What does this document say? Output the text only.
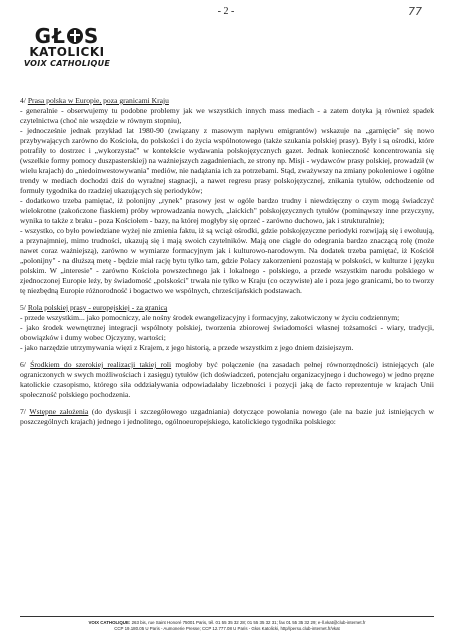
- 2 -	77
GŁ S
KATOLICKI
VOIX CATHOLIQUE

4/ Prasa polska w Europie, poza granicami Kraju

- generalnie - obserwujemy tu podobne problemy jak we wszystkich innych mass mediach - a zatem dotyka ją również spadek czytelnictwa (choć nie wszędzie w równym stopniu),

- jednocześnie jednak przykład lat 1980-90 (związany z masowym napływu emigrantów) wskazuje na „garnięcie" się nowo przybywających zarówno do Kościoła, do polskości i do życia wspólnotowego (także szukania polskiej prasy). Były i są ośrodki, które potrafiły to dostrzec i „wykorzystać" w kontekście wydawania polskojęzycznych gazet. Jednak konieczność koncentrowania się (wszelkie formy pomocy duszpasterskiej) na ważniejszych zagadnieniach, ze strony np. Misji - wydawców prasy polskiej, prowadził (w wielu krajach) do „niedoinwestowywania" mediów, nie nadążania ich za potrzebami. Stąd, zważywszy na zmiany pokoleniowe i ogólne trendy w mediach dochodzi dziś do wyraźnej stagnacji, a nawet regresu prasy polskojęzycznej, znikania tytułów, odchodzenie od formuły tygodnika do rzadziej ukazujących się periodyków;

- dodatkowo trzeba pamiętać, iż polonijny „rynek" prasowy jest w ogóle bardzo trudny i niewdzięczny o czym mogą świadczyć wielokrotne (zakończone fiaskiem) próby wprowadzania nowych, „laickich" polskojęzycznych tytułów (pominąwszy inne przyczyny, wynika to także z braku - poza Kościołem - bazy, na której mogłyby się oprzeć - zarówno duchowo, jak i strukturalnie);

- wszystko, co było powiedziane wyżej nie zmienia faktu, iż są wciąż ośrodki, gdzie polskojęzyczne periodyki rozwijają się i ewoluują, a przynajmniej, mimo trudności, ukazują się i mają swoich czytelników. Mają one ciągle do odegrania bardzo znaczącą rolę (może nawet coraz ważniejszą), zarówno w wymiarze formacyjnym jak i kulturowo-narodowym. Na dodatek trzeba pamiętać, iż Kościół „polonijny" - na dłuższą metę - będzie miał rację bytu tylko tam, gdzie Polacy zakorzenieni pozostają w polskości, w kulturze i języku polskim. W „interesie" - zarówno Kościoła powszechnego jak i lokalnego - polskiego, a przede wszystkim narodu polskiego w zjednoczonej Europie leży, by świadomość „polskości" trwała nie tylko w Kraju (co oczywiste) ale i poza jego granicami, bo to tworzy tę niezbędną Europie różnorodność i bogactwo we wspólnych, chrześcijańskich podstawach.

5/ Rola polskiej prasy - europejskiej - za granicą

- przede wszystkim... jako pomocniczy, ale nośny środek ewangelizacyjny i formacyjny, zakotwiczony w życiu codziennym;

- jako środek wewnętrznej integracji wspólnoty polskiej, tworzenia zbiorowej świadomości własnej tożsamości - wiary, tradycji, obowiązków i dumy wobec Ojczyzny, wartości;

- jako narzędzie utrzymywania więzi z Krajem, z jego historią, a przede wszystkim z jego dniem dzisiejszym.

6/ Środkiem do szerokiej realizacji takiej roli mogłoby być połączenie (na zasadach pełnej równorzędności) istniejących (ale ograniczonych w swych możliwościach i zasięgu) tytułów (ich doświadczeń, potencjału organizacyjnego i duchowego) w jedno pręzne katolickie czasopismo, którego siła oddziaływania odpowiadałaby liczebności i pozycji jaką de facto reprezentuje w krajach Unii społeczność polskiego pochodzenia.

7/ Wstępne założenia (do dyskusji i szczegółowego uzgadniania) dotyczące powołania nowego (ale na bazie już istniejących w poszczególnych krajach) jednego i jednolitego, ogólnoeuropejskiego, katolickiego tygodnika polskiego:

VOIX CATHOLIQUE: 263 bis, rue Saint Honoré 75001 Paris, tél. 01 55 35 32 28; 01 55 35 32 31; fax 01 55 35 32 29; e-ll.vkat@club-internet.fr
CCP 19.180.05 U Paris - Aumonerie Presse; CCP 12.777.08 U Paris - Głos Katolicki, http//perso.club-internet.fr/vkat
